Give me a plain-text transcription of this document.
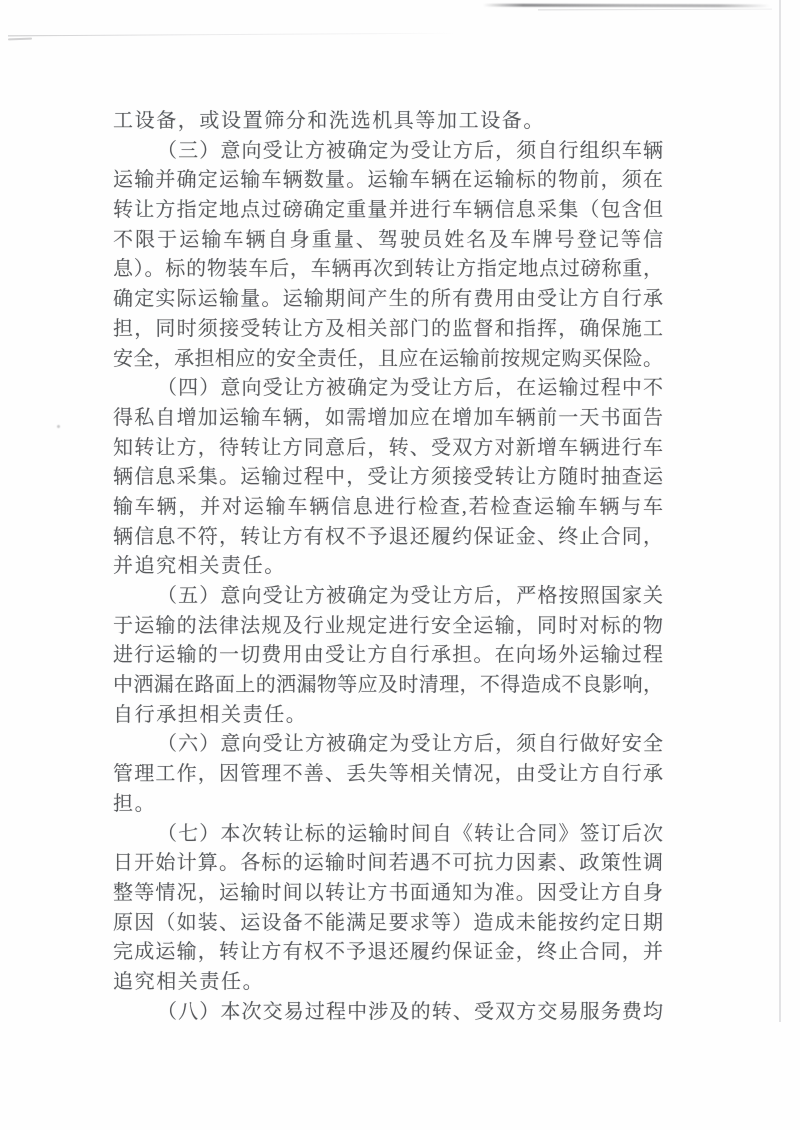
工设备，或设置筛分和洗选机具等加工设备。
（三）意向受让方被确定为受让方后，须自行组织车辆
运输并确定运输车辆数量。运输车辆在运输标的物前，须在
转让方指定地点过磅确定重量并进行车辆信息采集（包含但
不限于运输车辆自身重量、驾驶员姓名及车牌号登记等信
息）。标的物装车后，车辆再次到转让方指定地点过磅称重，
确定实际运输量。运输期间产生的所有费用由受让方自行承
担，同时须接受转让方及相关部门的监督和指挥，确保施工
安全，承担相应的安全责任，且应在运输前按规定购买保险。
（四）意向受让方被确定为受让方后，在运输过程中不
得私自增加运输车辆，如需增加应在增加车辆前一天书面告
知转让方，待转让方同意后，转、受双方对新增车辆进行车
辆信息采集。运输过程中，受让方须接受转让方随时抽查运
输车辆，并对运输车辆信息进行检查,若检查运输车辆与车
辆信息不符，转让方有权不予退还履约保证金、终止合同，
并追究相关责任。
（五）意向受让方被确定为受让方后，严格按照国家关
于运输的法律法规及行业规定进行安全运输，同时对标的物
进行运输的一切费用由受让方自行承担。在向场外运输过程
中洒漏在路面上的洒漏物等应及时清理，不得造成不良影响，
自行承担相关责任。
（六）意向受让方被确定为受让方后，须自行做好安全
管理工作，因管理不善、丢失等相关情况，由受让方自行承
担。
（七）本次转让标的运输时间自《转让合同》签订后次
日开始计算。各标的运输时间若遇不可抗力因素、政策性调
整等情况，运输时间以转让方书面通知为准。因受让方自身
原因（如装、运设备不能满足要求等）造成未能按约定日期
完成运输，转让方有权不予退还履约保证金，终止合同，并
追究相关责任。
（八）本次交易过程中涉及的转、受双方交易服务费均
